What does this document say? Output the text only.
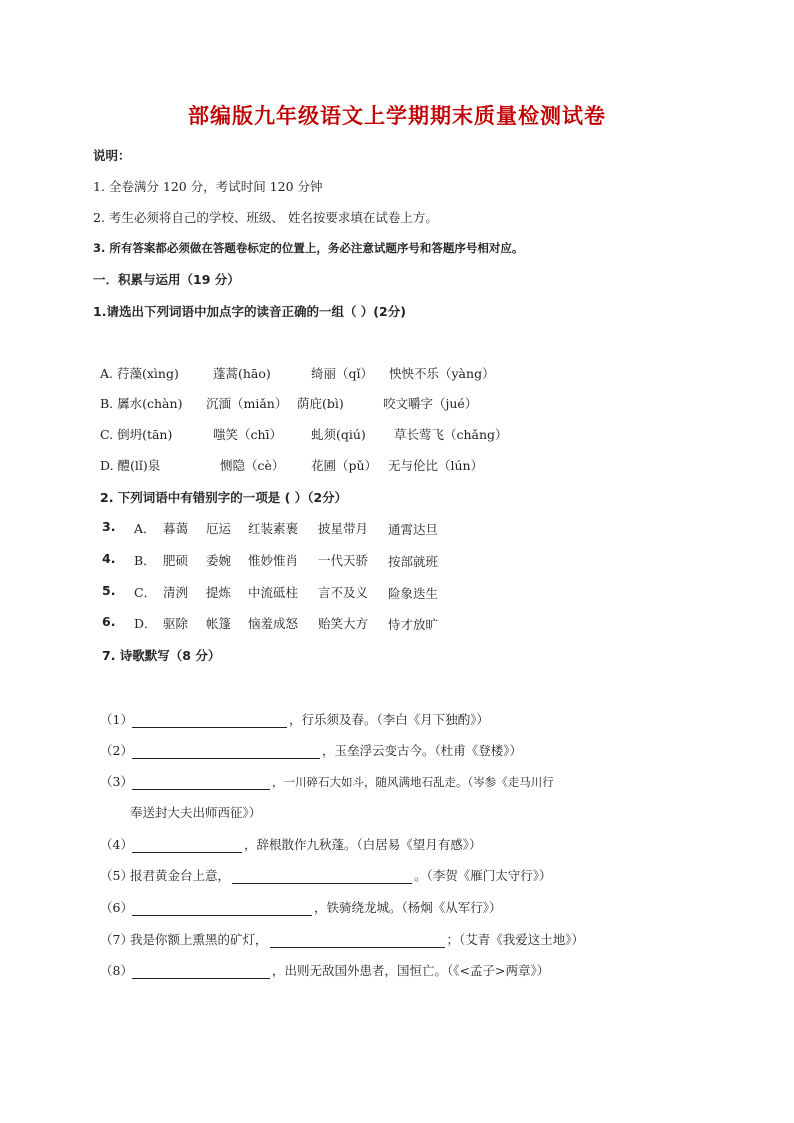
部编版九年级语文上学期期末质量检测试卷
说明：
1. 全卷满分 120 分，考试时间 120 分钟
2. 考生必须将自己的学校、班级、 姓名按要求填在试卷上方。
3. 所有答案都必须做在答题卷标定的位置上，务必注意试题序号和答题序号相对应。
一．积累与运用（19 分）
1.请选出下列词语中加点字的读音正确的一组（ ）(2分)
A. 荇藻(xìng)	蓬蒿(hāo)	绮丽（qǐ） 怏怏不乐（yàng）
B. 羼水(chàn) 沉湎（miǎn） 荫庇(bì)	咬文嚼字（jué）
C. 倒坍(tān)	嗤笑（chī） 虬须(qiú) 草长莺飞（chǎng）
D. 醴(lǐ)泉	恻隐（cè） 花圃（pǔ） 无与伦比（lún）
2. 下列词语中有错别字的一项是 ( ）（2分）
3. A． 暮蔼 厄运 红装素裹 披星带月 通霄达旦
4. B． 肥硕 委婉 惟妙惟肖 一代天骄 按部就班
5. C． 清洌 提炼 中流砥柱 言不及义 险象迭生
6. D． 驱除 帐篷 恼羞成怒 贻笑大方 恃才放旷
7. 诗歌默写（8 分）
（1）	，行乐须及春。（李白《月下独酌》）
（2）	，玉垒浮云变古今。（杜甫《登楼》）
（3）	，一川碎石大如斗，随风满地石乱走。（岑参《走马川行
奉送封大夫出师西征》）
（4）	，辞根散作九秋蓬。（白居易《望月有感》）
（5）报君黄金台上意，	。（李贺《雁门太守行》）
（6）	，铁骑绕龙城。（杨炯《从军行》）
（7）我是你额上熏黑的矿灯，	；（艾青《我爱这土地》）
（8）	，出则无敌国外患者，国恒亡。（《<孟子>两章》）
